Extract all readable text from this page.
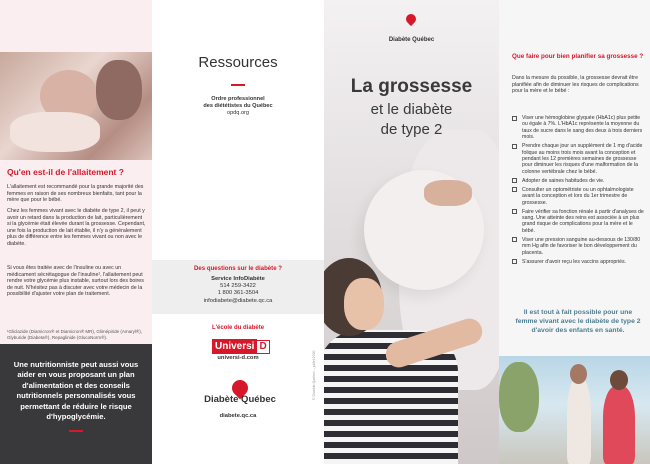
Qu'en est-il de l'allaitement ?
L'allaitement est recommandé pour la grande majorité des femmes en raison de ses nombreux bienfaits, tant pour la mère que pour le bébé.
Chez les femmes vivant avec le diabète de type 2, il peut y avoir un retard dans la production de lait, particulièrement si la glycémie était élevée durant la grossesse. Cependant, une fois la production de lait établie, il n'y a généralement plus de différence entre les femmes vivant ou non avec le diabète.
Si vous êtes traitée avec de l'insuline ou avec un médicament sécrétagogue de l'insuline¹, l'allaitement peut rendre votre glycémie plus instable, surtout lors des boires de nuit. N'hésitez pas à discuter avec votre médecin de la possibilité d'ajuster votre plan de traitement.
¹Gliclazide (Diamicron® et Diamicron® MR), Glimépiride (Amaryl®), Glyburide (Diabeta®), Repaglinide (GlucoNorm®).
Une nutritionniste peut aussi vous aider en vous proposant un plan d'alimentation et des conseils nutritionnels personnalisés vous permettant de réduire le risque d'hypoglycémie.
Ressources
Ordre professionnel
des diététistes du Québec
opdq.org
Des questions sur le diabète ?
Service InfoDiabète
514 259-3422
1 800 361-3504
infodiabete@diabete.qc.ca
L'école du diabète
Universi D
universi-d.com
Diabète Québec
diabete.qc.ca
© Diabète Québec – juillet 2020
Diabète Québec
La grossesse
et le diabète
de type 2
Que faire pour bien planifier sa grossesse ?
Dans la mesure du possible, la grossesse devrait être planifiée afin de diminuer les risques de complications pour la mère et le bébé :
Viser une hémoglobine glyquée (HbA1c) plus petite ou égale à 7%. L'HbA1c représente la moyenne du taux de sucre dans le sang des deux à trois derniers mois.
Prendre chaque jour un supplément de 1 mg d'acide folique au moins trois mois avant la conception et pendant les 12 premières semaines de grossesse pour diminuer les risques d'une malformation de la colonne vertébrale chez le bébé.
Adopter de saines habitudes de vie.
Consulter un optométriste ou un ophtalmologiste avant la conception et lors du 1er trimestre de grossesse.
Faire vérifier sa fonction rénale à partir d'analyses de sang. Une atteinte des reins est associée à un plus grand risque de complications pour la mère et le bébé.
Viser une pression sanguine au-dessous de 130/80 mm Hg afin de favoriser le bon développement du placenta.
S'assurer d'avoir reçu les vaccins appropriés.
Il est tout à fait possible pour une femme vivant avec le diabète de type 2 d'avoir des enfants en santé.
